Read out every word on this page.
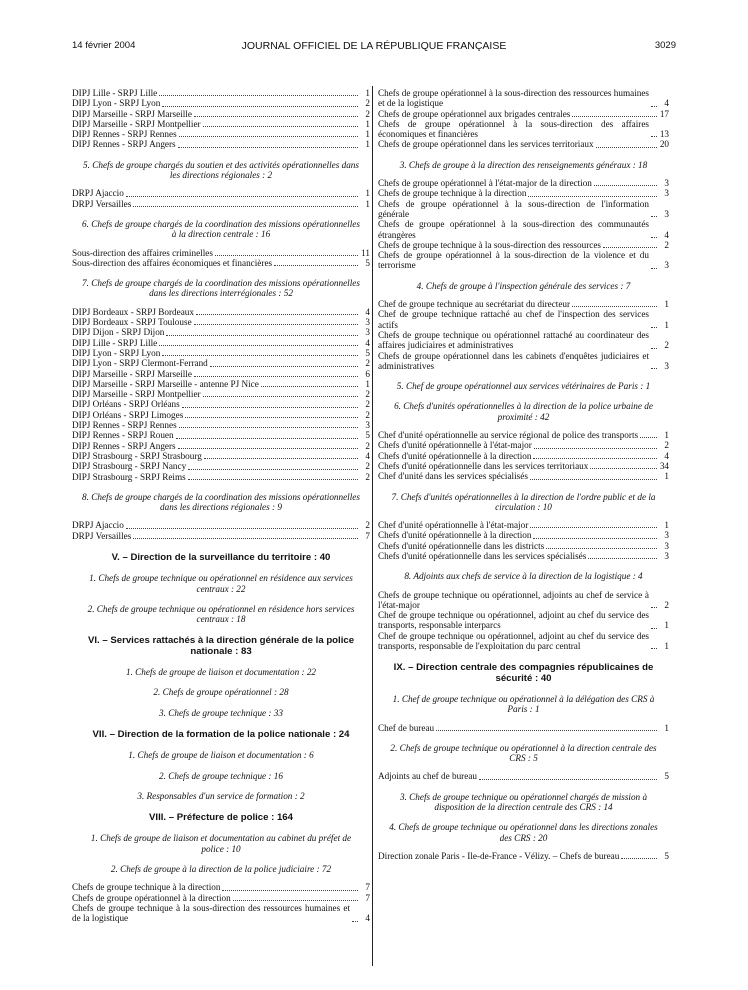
14 février 2004	JOURNAL OFFICIEL DE LA RÉPUBLIQUE FRANÇAISE	3029
DIPJ Lille - SRPJ Lille	1
DIPJ Lyon - SRPJ Lyon	2
DIPJ Marseille - SRPJ Marseille	2
DIPJ Marseille - SRPJ Montpellier	1
DIPJ Rennes - SRPJ Rennes	1
DIPJ Rennes - SRPJ Angers	1
5. Chefs de groupe chargés du soutien et des activités opérationnelles dans les directions régionales : 2
DRPJ Ajaccio	1
DRPJ Versailles	1
6. Chefs de groupe chargés de la coordination des missions opérationnelles à la direction centrale : 16
Sous-direction des affaires criminelles	11
Sous-direction des affaires économiques et financières	5
7. Chefs de groupe chargés de la coordination des missions opérationnelles dans les directions interrégionales : 52
DIPJ Bordeaux - SRPJ Bordeaux	4
DIPJ Bordeaux - SRPJ Toulouse	3
DIPJ Dijon - SRPJ Dijon	3
DIPJ Lille - SRPJ Lille	4
DIPJ Lyon - SRPJ Lyon	5
DIPJ Lyon - SRPJ Clermont-Ferrand	2
DIPJ Marseille - SRPJ Marseille	6
DIPJ Marseille - SRPJ Marseille - antenne PJ Nice	1
DIPJ Marseille - SRPJ Montpellier	2
DIPJ Orléans - SRPJ Orléans	2
DIPJ Orléans - SRPJ Limoges	2
DIPJ Rennes - SRPJ Rennes	3
DIPJ Rennes - SRPJ Rouen	5
DIPJ Rennes - SRPJ Angers	2
DIPJ Strasbourg - SRPJ Strasbourg	4
DIPJ Strasbourg - SRPJ Nancy	2
DIPJ Strasbourg - SRPJ Reims	2
8. Chefs de groupe chargés de la coordination des missions opérationnelles dans les directions régionales : 9
DRPJ Ajaccio	2
DRPJ Versailles	7
V. – Direction de la surveillance du territoire : 40
1. Chefs de groupe technique ou opérationnel en résidence aux services centraux : 22
2. Chefs de groupe technique ou opérationnel en résidence hors services centraux : 18
VI. – Services rattachés à la direction générale de la police nationale : 83
1. Chefs de groupe de liaison et documentation : 22
2. Chefs de groupe opérationnel : 28
3. Chefs de groupe technique : 33
VII. – Direction de la formation de la police nationale : 24
1. Chefs de groupe de liaison et documentation : 6
2. Chefs de groupe technique : 16
3. Responsables d'un service de formation : 2
VIII. – Préfecture de police : 164
1. Chefs de groupe de liaison et documentation au cabinet du préfet de police : 10
2. Chefs de groupe à la direction de la police judiciaire : 72
Chefs de groupe technique à la direction	7
Chefs de groupe opérationnel à la direction	7
Chefs de groupe technique à la sous-direction des ressources humaines et de la logistique	4
Chefs de groupe opérationnel à la sous-direction des ressources humaines et de la logistique	4
Chefs de groupe opérationnel aux brigades centrales	17
Chefs de groupe opérationnel à la sous-direction des affaires économiques et financières	13
Chefs de groupe opérationnel dans les services territoriaux	20
3. Chefs de groupe à la direction des renseignements généraux : 18
Chefs de groupe opérationnel à l'état-major de la direction	3
Chefs de groupe technique à la direction	3
Chefs de groupe opérationnel à la sous-direction de l'information générale	3
Chefs de groupe opérationnel à la sous-direction des communautés étrangères	4
Chefs de groupe technique à la sous-direction des ressources	2
Chefs de groupe opérationnel à la sous-direction de la violence et du terrorisme	3
4. Chefs de groupe à l'inspection générale des services : 7
Chef de groupe technique au secrétariat du directeur	1
Chef de groupe technique rattaché au chef de l'inspection des services actifs	1
Chefs de groupe technique ou opérationnel rattaché au coordinateur des affaires judiciaires et administratives	2
Chefs de groupe opérationnel dans les cabinets d'enquêtes judiciaires et administratives	3
5. Chef de groupe opérationnel aux services vétérinaires de Paris : 1
6. Chefs d'unités opérationnelles à la direction de la police urbaine de proximité : 42
Chef d'unité opérationnelle au service régional de police des transports	1
Chefs d'unité opérationnelle à l'état-major	2
Chefs d'unité opérationnelle à la direction	4
Chefs d'unité opérationnelle dans les services territoriaux	34
Chef d'unité dans les services spécialisés	1
7. Chefs d'unités opérationnelles à la direction de l'ordre public et de la circulation : 10
Chef d'unité opérationnelle à l'état-major	1
Chefs d'unité opérationnelle à la direction	3
Chefs d'unité opérationnelle dans les districts	3
Chefs d'unité opérationnelle dans les services spécialisés	3
8. Adjoints aux chefs de service à la direction de la logistique : 4
Chefs de groupe technique ou opérationnel, adjoints au chef de service à l'état-major	2
Chef de groupe technique ou opérationnel, adjoint au chef du service des transports, responsable interparcs	1
Chef de groupe technique ou opérationnel, adjoint au chef du service des transports, responsable de l'exploitation du parc central	1
IX. – Direction centrale des compagnies républicaines de sécurité : 40
1. Chef de groupe technique ou opérationnel à la délégation des CRS à Paris : 1
Chef de bureau	1
2. Chefs de groupe technique ou opérationnel à la direction centrale des CRS : 5
Adjoints au chef de bureau	5
3. Chefs de groupe technique ou opérationnel chargés de mission à disposition de la direction centrale des CRS : 14
4. Chefs de groupe technique ou opérationnel dans les directions zonales des CRS : 20
Direction zonale Paris - Ile-de-France - Vélizy. – Chefs de bureau	5
